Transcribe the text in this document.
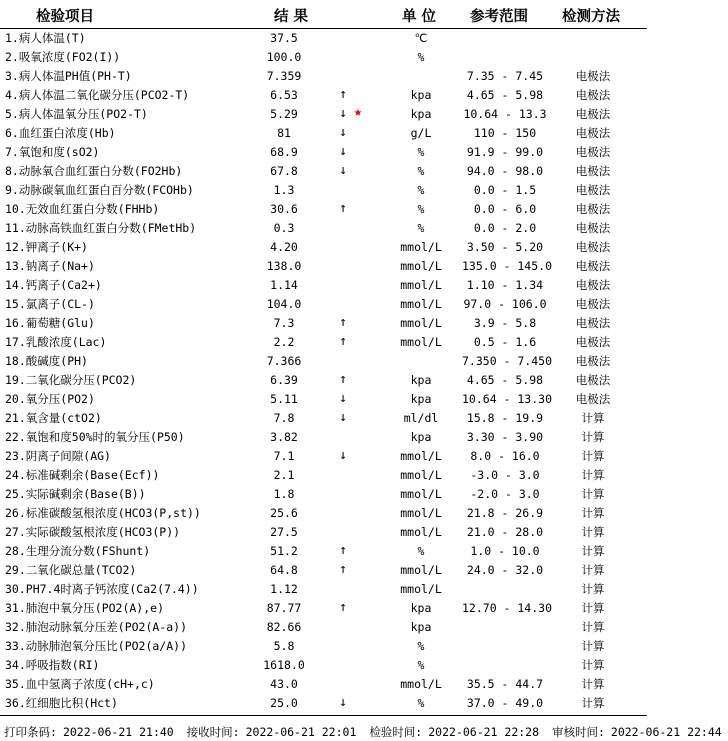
检验项目	结 果	单 位 参考范围 检测方法
1.病人体温(T)	37.5	℃
2.吸氧浓度(FO2(I))	100.0	%
3.病人体温PH值(PH-T)	7.359	7.35 - 7.45	电极法
4.病人体温二氧化碳分压(PCO2-T)	6.53	↑	kpa	4.65 - 5.98	电极法
5.病人体温氧分压(PO2-T)	5.29	↓ ★	kpa	10.64 - 13.3	电极法
6.血红蛋白浓度(Hb)	81	↓	g/L	110 - 150	电极法
7.氧饱和度(sO2)	68.9	↓	%	91.9 - 99.0	电极法
8.动脉氧合血红蛋白分数(FO2Hb)	67.8	↓	%	94.0 - 98.0	电极法
9.动脉碳氧血红蛋白百分数(FCOHb)	1.3	%	0.0 - 1.5	电极法
10.无效血红蛋白分数(FHHb)	30.6	↑	%	0.0 - 6.0	电极法
11.动脉高铁血红蛋白分数(FMetHb)	0.3	%	0.0 - 2.0	电极法
12.钾离子(K+)	4.20	mmol/L	3.50 - 5.20	电极法
13.钠离子(Na+)	138.0	mmol/L	135.0 - 145.0	电极法
14.钙离子(Ca2+)	1.14	mmol/L	1.10 - 1.34	电极法
15.氯离子(CL-)	104.0	mmol/L	97.0 - 106.0	电极法
16.葡萄糖(Glu)	7.3	↑	mmol/L	3.9 - 5.8	电极法
17.乳酸浓度(Lac)	2.2	↑	mmol/L	0.5 - 1.6	电极法
18.酸碱度(PH)	7.366	7.350 - 7.450	电极法
19.二氧化碳分压(PCO2)	6.39	↑	kpa	4.65 - 5.98	电极法
20.氧分压(PO2)	5.11	↓	kpa	10.64 - 13.30	电极法
21.氧含量(ctO2)	7.8	↓	ml/dl	15.8 - 19.9	计算
22.氧饱和度50%时的氧分压(P50)	3.82	kpa	3.30 - 3.90	计算
23.阴离子间隙(AG)	7.1	↓	mmol/L	8.0 - 16.0	计算
24.标准碱剩余(Base(Ecf))	2.1	mmol/L	-3.0 - 3.0	计算
25.实际碱剩余(Base(B))	1.8	mmol/L	-2.0 - 3.0	计算
26.标准碳酸氢根浓度(HCO3(P,st))	25.6	mmol/L	21.8 - 26.9	计算
27.实际碳酸氢根浓度(HCO3(P))	27.5	mmol/L	21.0 - 28.0	计算
28.生理分流分数(FShunt)	51.2	↑	%	1.0 - 10.0	计算
29.二氧化碳总量(TCO2)	64.8	↑	mmol/L	24.0 - 32.0	计算
30.PH7.4时离子钙浓度(Ca2(7.4))	1.12	mmol/L	计算
31.肺泡中氧分压(PO2(A),e)	87.77	↑	kpa	12.70 - 14.30	计算
32.肺泡动脉氧分压差(PO2(A-a))	82.66	kpa	计算
33.动脉肺泡氧分压比(PO2(a/A))	5.8	%	计算
34.呼吸指数(RI)	1618.0	%	计算
35.血中氢离子浓度(cH+,c)	43.0	mmol/L	35.5 - 44.7	计算
36.红细胞比积(Hct)	25.0	↓	%	37.0 - 49.0	计算
打印条码: 2022-06-21 21:40 接收时间: 2022-06-21 22:01 检验时间: 2022-06-21 22:28 审核时间: 2022-06-21 22:44
